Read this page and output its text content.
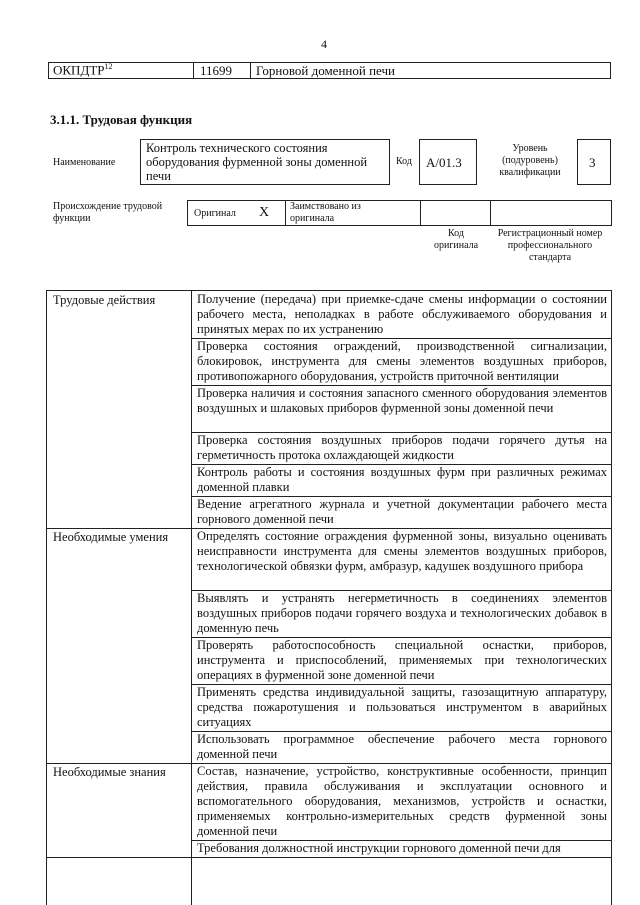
4
ОКПДТР$^{12}$	11699 Горновой доменной печи
3.1.1. Трудовая функция
Наименование
Контроль технического состояния оборудования фурменной зоны доменной печи
Код A/01.3
Уровень (подуровень) квалификации
3
Происхождение трудовой функции	Оригинал X Заимствовано из оригинала
Код оригинала
Регистрационный номер профессионального стандарта
Получение (передача) при приемке-сдаче смены информации о состоянии рабочего места, неполадках в работе обслуживаемого оборудования и принятых мерах по их устранению
Проверка состояния ограждений, производственной сигнализации, блокировок, инструмента для смены элементов воздушных приборов, противопожарного оборудования, устройств приточной вентиляции
Проверка наличия и состояния запасного сменного оборудования элементов воздушных и шлаковых приборов фурменной зоны доменной печи
Проверка состояния воздушных приборов подачи горячего дутья на герметичность протока охлаждающей жидкости
Контроль работы и состояния воздушных фурм при различных режимах доменной плавки
Ведение агрегатного журнала и учетной документации рабочего места горнового доменной печи
Трудовые действия
Определять состояние ограждения фурменной зоны, визуально оценивать неисправности инструмента для смены элементов воздушных приборов, технологической обвязки фурм, амбразур, кадушек воздушного прибора
Выявлять и устранять негерметичность в соединениях элементов воздушных приборов подачи горячего воздуха и технологических добавок в доменную печь
Проверять работоспособность специальной оснастки, приборов, инструмента и приспособлений, применяемых при технологических операциях в фурменной зоне доменной печи
Применять средства индивидуальной защиты, газозащитную аппаратуру, средства пожаротушения и пользоваться инструментом в аварийных ситуациях
Использовать программное обеспечение рабочего места горнового доменной печи
Необходимые умения
Состав, назначение, устройство, конструктивные особенности, принцип действия, правила обслуживания и эксплуатации основного и вспомогательного оборудования, механизмов, устройств и оснастки, применяемых контрольно-измерительных средств фурменной зоны доменной печи
Требования должностной инструкции горнового доменной печи для
Необходимые знания
